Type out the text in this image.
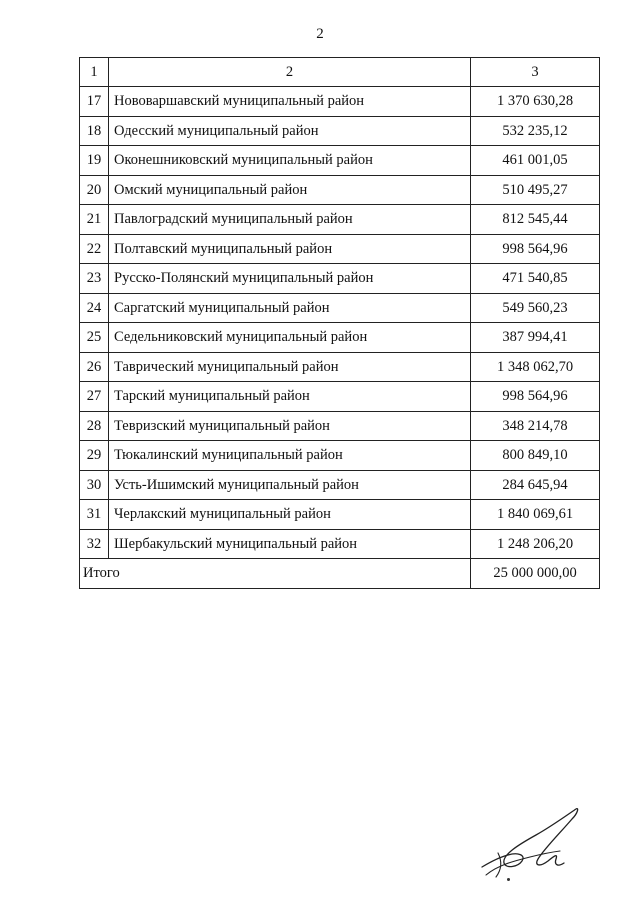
2
1	2	3
17	Нововаршавский муниципальный район	1 370 630,28
18	Одесский муниципальный район	532 235,12
19	Оконешниковский муниципальный район	461 001,05
20	Омский муниципальный район	510 495,27
21	Павлоградский муниципальный район	812 545,44
22	Полтавский муниципальный район	998 564,96
23	Русско-Полянский муниципальный район	471 540,85
24	Саргатский муниципальный район	549 560,23
25	Седельниковский муниципальный район	387 994,41
26	Таврический муниципальный район	1 348 062,70
27	Тарский муниципальный район	998 564,96
28	Тевризский муниципальный район	348 214,78
29	Тюкалинский муниципальный район	800 849,10
30	Усть-Ишимский муниципальный район	284 645,94
31	Черлакский муниципальный район	1 840 069,61
32	Шербакульский муниципальный район	1 248 206,20
Итого		25 000 000,00
